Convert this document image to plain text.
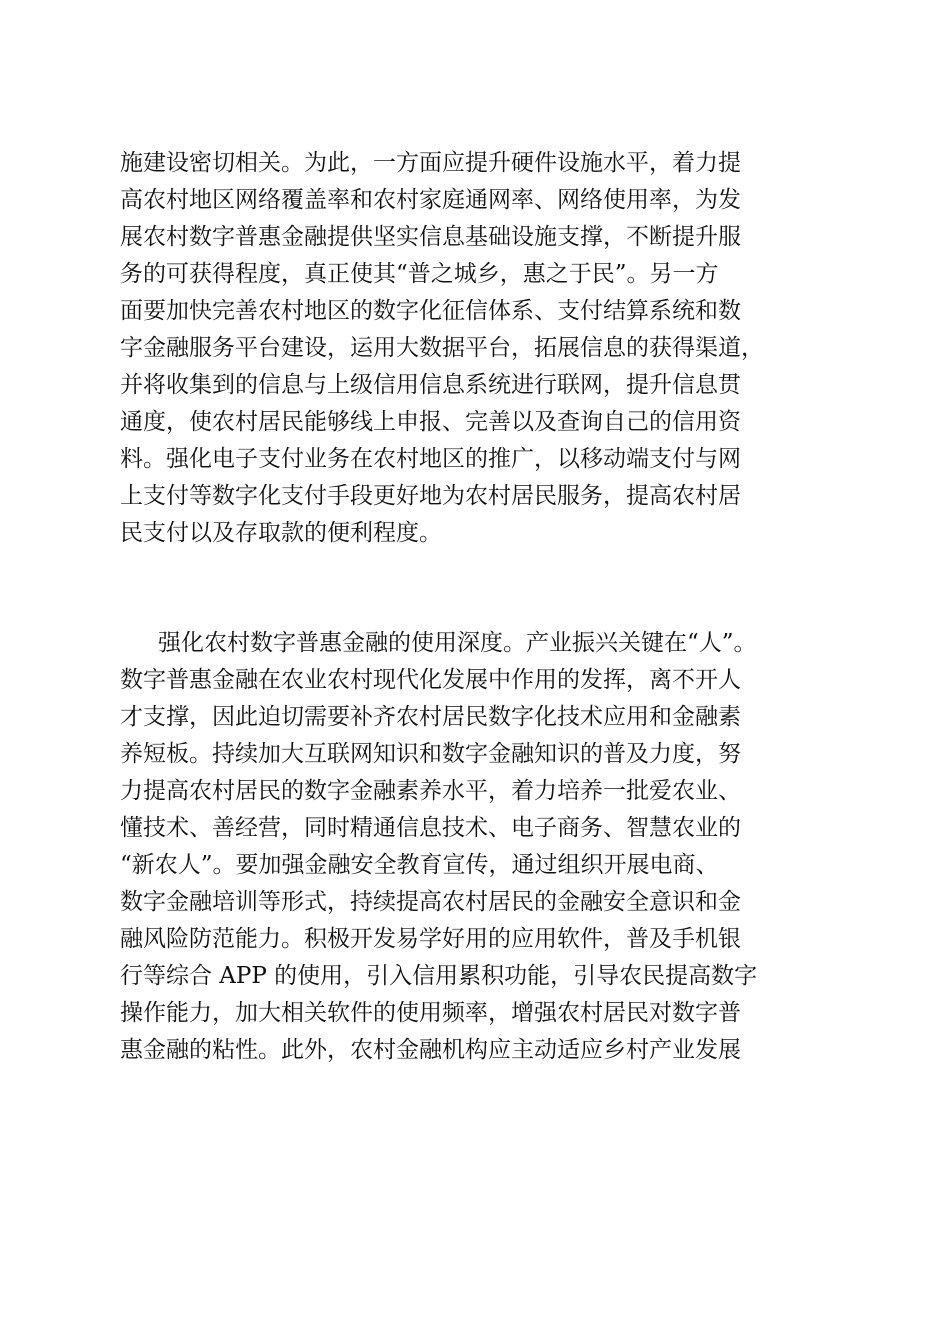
施建设密切相关。为此，一方面应提升硬件设施水平，着力提
高农村地区网络覆盖率和农村家庭通网率、网络使用率，为发
展农村数字普惠金融提供坚实信息基础设施支撑，不断提升服
务的可获得程度，真正使其“普之城乡，惠之于民”。另一方
面要加快完善农村地区的数字化征信体系、支付结算系统和数
字金融服务平台建设，运用大数据平台，拓展信息的获得渠道，
并将收集到的信息与上级信用信息系统进行联网，提升信息贯
通度，使农村居民能够线上申报、完善以及查询自己的信用资
料。强化电子支付业务在农村地区的推广，以移动端支付与网
上支付等数字化支付手段更好地为农村居民服务，提高农村居
民支付以及存取款的便利程度。
强化农村数字普惠金融的使用深度。产业振兴关键在“人”。
数字普惠金融在农业农村现代化发展中作用的发挥，离不开人
才支撑，因此迫切需要补齐农村居民数字化技术应用和金融素
养短板。持续加大互联网知识和数字金融知识的普及力度，努
力提高农村居民的数字金融素养水平，着力培养一批爱农业、
懂技术、善经营，同时精通信息技术、电子商务、智慧农业的
“新农人”。要加强金融安全教育宣传，通过组织开展电商、
数字金融培训等形式，持续提高农村居民的金融安全意识和金
融风险防范能力。积极开发易学好用的应用软件，普及手机银
行等综合 APP 的使用，引入信用累积功能，引导农民提高数字
操作能力，加大相关软件的使用频率，增强农村居民对数字普
惠金融的粘性。此外，农村金融机构应主动适应乡村产业发展
